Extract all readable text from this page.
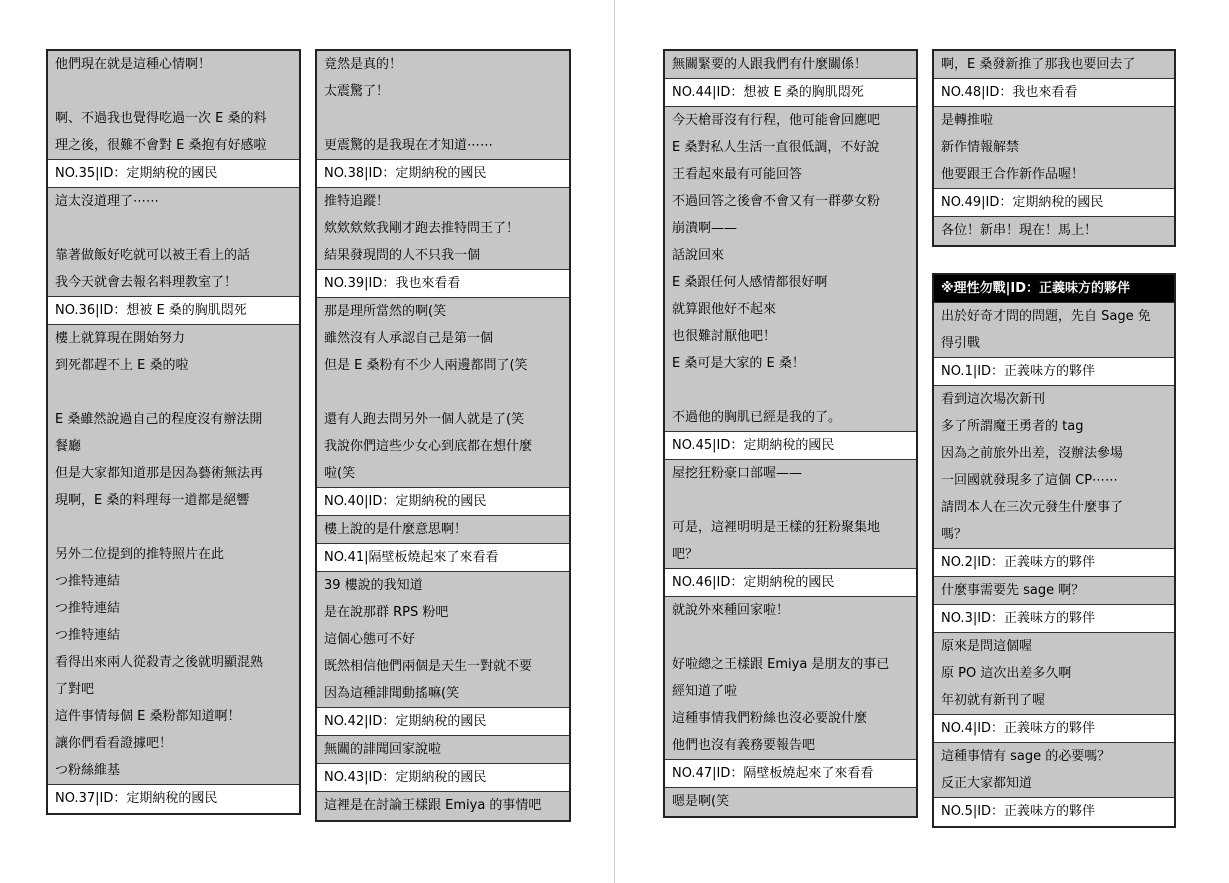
他們現在就是這種心情啊！
啊、不過我也覺得吃過一次 E 桑的料
理之後，很難不會對 E 桑抱有好感啦
NO.35|ID：定期納稅的國民
這太沒道理了⋯⋯
靠著做飯好吃就可以被王看上的話
我今天就會去報名料理教室了！
NO.36|ID：想被 E 桑的胸肌悶死
樓上就算現在開始努力
到死都趕不上 E 桑的啦
E 桑雖然說過自己的程度沒有辦法開
餐廳
但是大家都知道那是因為藝術無法再
現啊，E 桑的料理每一道都是絕響
另外二位提到的推特照片在此
つ推特連結
つ推特連結
つ推特連結
看得出來兩人從殺青之後就明顯混熟
了對吧
這件事情每個 E 桑粉都知道啊！
讓你們看看證據吧！
つ粉絲維基
NO.37|ID：定期納稅的國民
竟然是真的！
太震驚了！
更震驚的是我現在才知道⋯⋯
NO.38|ID：定期納稅的國民
推特追蹤！
欸欸欸欸我剛才跑去推特問王了！
結果發現問的人不只我一個
NO.39|ID：我也來看看
那是理所當然的啊(笑
雖然沒有人承認自己是第一個
但是 E 桑粉有不少人兩邊都問了(笑
還有人跑去問另外一個人就是了(笑
我說你們這些少女心到底都在想什麼
啦(笑
NO.40|ID：定期納稅的國民
樓上說的是什麼意思啊！
NO.41|隔壁板燒起來了來看看
39 樓說的我知道
是在說那群 RPS 粉吧
這個心態可不好
既然相信他們兩個是天生一對就不要
因為這種誹聞動搖嘛(笑
NO.42|ID：定期納稅的國民
無關的誹聞回家說啦
NO.43|ID：定期納稅的國民
這裡是在討論王樣跟 Emiya 的事情吧
無關緊要的人跟我們有什麼關係！
NO.44|ID：想被 E 桑的胸肌悶死
今天槍哥沒有行程，他可能會回應吧
E 桑對私人生活一直很低調，不好說
王看起來最有可能回答
不過回答之後會不會又有一群夢女粉
崩潰啊——
話說回來
E 桑跟任何人感情都很好啊
就算跟他好不起來
也很難討厭他吧！
E 桑可是大家的 E 桑！
不過他的胸肌已經是我的了。
NO.45|ID：定期納稅的國民
屋挖狂粉豪口部喔——
可是，這裡明明是王樣的狂粉聚集地
吧？
NO.46|ID：定期納稅的國民
就說外來種回家啦！
好啦總之王樣跟 Emiya 是朋友的事已
經知道了啦
這種事情我們粉絲也沒必要說什麼
他們也沒有義務要報告吧
NO.47|ID：隔壁板燒起來了來看看
嗯是啊(笑
啊，E 桑發新推了那我也要回去了
NO.48|ID：我也來看看
是轉推啦
新作情報解禁
他要跟王合作新作品喔！
NO.49|ID：定期納稅的國民
各位！新串！現在！馬上！
※理性勿戰|ID：正義味方的夥伴
出於好奇才問的問題，先自 Sage 免
得引戰
NO.1|ID：正義味方的夥伴
看到這次場次新刊
多了所謂魔王勇者的 tag
因為之前旅外出差，沒辦法參場
一回國就發現多了這個 CP⋯⋯
請問本人在三次元發生什麼事了
嗎？
NO.2|ID：正義味方的夥伴
什麼事需要先 sage 啊？
NO.3|ID：正義味方的夥伴
原來是問這個喔
原 PO 這次出差多久啊
年初就有新刊了喔
NO.4|ID：正義味方的夥伴
這種事情有 sage 的必要嗎？
反正大家都知道
NO.5|ID：正義味方的夥伴
